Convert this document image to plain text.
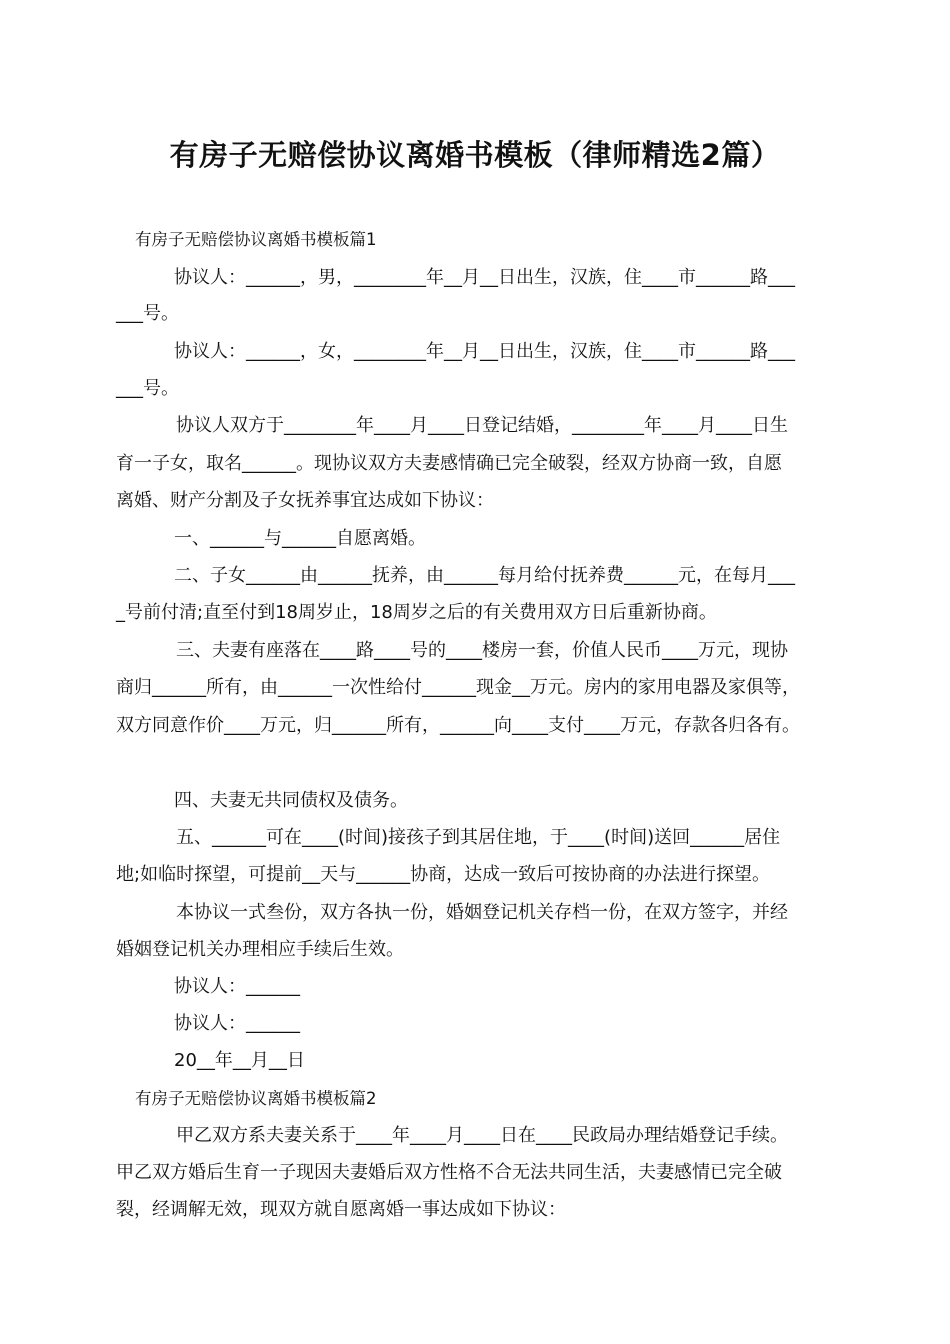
有房子无赔偿协议离婚书模板（律师精选2篇）
有房子无赔偿协议离婚书模板篇1
协议人：______，男，________年__月__日出生，汉族，住____市______路___
___号。
协议人：______，女，________年__月__日出生，汉族，住____市______路___
___号。
协议人双方于________年____月____日登记结婚，________年____月____日生
育一子女，取名______。现协议双方夫妻感情确已完全破裂，经双方协商一致，自愿
离婚、财产分割及子女抚养事宜达成如下协议：
一、______与______自愿离婚。
二、子女______由______抚养，由______每月给付抚养费______元，在每月___
_号前付清;直至付到18周岁止，18周岁之后的有关费用双方日后重新协商。
三、夫妻有座落在____路____号的____楼房一套，价值人民币____万元，现协
商归______所有，由______一次性给付______现金__万元。房内的家用电器及家俱等，
双方同意作价____万元，归______所有，______向____支付____万元，存款各归各有。
四、夫妻无共同债权及债务。
五、______可在____(时间)接孩子到其居住地，于____(时间)送回______居住
地;如临时探望，可提前__天与______协商，达成一致后可按协商的办法进行探望。
本协议一式叁份，双方各执一份，婚姻登记机关存档一份，在双方签字，并经
婚姻登记机关办理相应手续后生效。
协议人：______
协议人：______
20__年__月__日
有房子无赔偿协议离婚书模板篇2
甲乙双方系夫妻关系于____年____月____日在____民政局办理结婚登记手续。
甲乙双方婚后生育一子现因夫妻婚后双方性格不合无法共同生活，夫妻感情已完全破
裂，经调解无效，现双方就自愿离婚一事达成如下协议：
